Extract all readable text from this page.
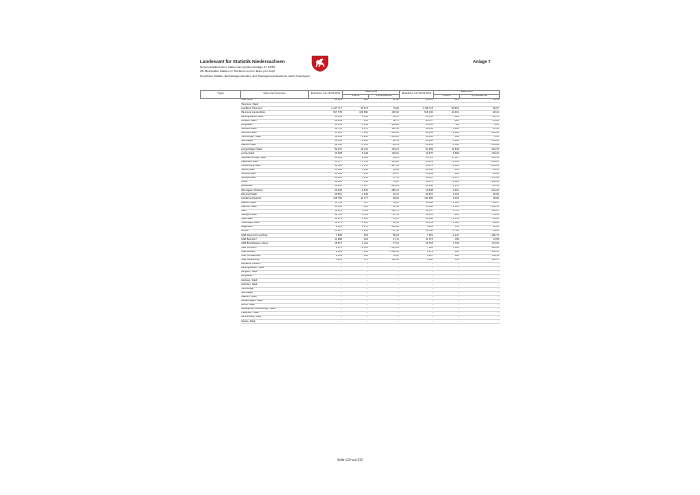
Landesamt für Statistik Niedersachsen
Kommunalfinanzen: Daten der großen Anlage 17 1838
28. Beinhaltet Salden in Tsd Euro und in Euro pro Kopf
Kreisfreie Städte, Einheitsgemeinden und Samtgemeindeebene nach Kreistypen
Anlage 7
Typus	Name der Kommune	Einwohner zum 30.06.2013	Saldo 2013		Einwohner zum 30.06.2014	Saldo 2014	
			1.000 €	€ je Einwohner		1.000 €	€ je Einwohner
	SGB Selze	10 329	222	21,48	10 314	325	30,54
	Hannover, Stadt						
	Landkreis Hannover	1 107 717	30 473	70,84	1 118 713	59 915	69,67
	Hannover,Landeshptst.	507 735	182 592	245,94	515 230	24 919	48,44
	Barsinghausen,Stadt	33 469	1 622	48,47	33 155	- 622	- 12,75
	Burgdorf,Stadt	29 889	912	32,71	29 507	- 923	- 31,28
	Burgwedel	20 452	- 5 199	- 211,28	20 363	- 98	- 5,29
	Garbsen,Stadt	60 713	6 373	110,53	59 932	1 285	21,32
	Gehrden,Stadt	14 614	- 5 306	- 363,05	14 463	- 4 982	- 344,95
	Hemmingen, Stadt	18 684	- 4 618	- 250,22	18 443	148	8,01
	Isernhagen	23 090	- 2 228	- 91,18	22 960	- 5 812	- 253,82
	Laatzen,Stadt	40 168	- 4 035	- 99,59	39 424	- 5 383	- 136,02
	Langenhagen,Stadt	52 070	10 141	194,13	51 659	12 635	244,75
	Lehrte,Stadt	43 388	- 5 128	- 118,01	42 870	- 5 590	- 130,44
	Neustadt a.Rbge.,Stadt	44 062	2 516	44,65	43 723	17 327	404,53
	Pattensen,Stadt	13 977	- 1 791	- 125,28	13 919	- 3 646	- 265,25
	Ronnenberg,Stadt	23 398	- 3 451	- 147,81	23 472	- 6 924	- 295,29
	Seelze,Stadt	33 048	1 460	44,18	32 938	- 412	- 12,50
	Sehnde,Stadt	23 192	- 233	- 10,17	23 089	480	20,84
	Springe,Stadt	28 905	1 091	37,41	28 597	- 4 917	- 171,89
	Uetze	20 020	- 158	- 79,28	19 874	- 3 629	- 182,44
	Wedemark	29 236	- 5 917	- 204,55	28 846	- 1 135	- 40,53
	Wennigsen (Deister)	14 039	- 3 540	- 280,14	13 838	- 2 991	- 213,23
	Wunstorf,Stadt	40 951	1 246	30,47	40 567	2 154	53,09
	Landkreis Diepholz	215 750	14 177	65,64	211 695	8 222	38,85
	Bassum,Stadt	15 761	537	33,61	15 490	- 1 885	- 96,17
	Diepholz,Stadt	16 004	- 503	- 31,38	15 880	- 2 614	- 163,53
	Stuhr	32 821	9 411	286,74	32 567	4 753	145,97
	Sulingen,Stadt	12 726	- 1 114	- 87,56	12 605	- 821	- 64,54
	Syke,Stadt	24 275	- 1 323	- 54,51	23 948	- 2 159	- 90,04
	Twistringen,Stadt	12 275	- 1 025	- 83,53	12 161	- 1 024	- 84,22
	Wagenfeld	6 956	1 474	212,08	6 893	156	22,40
	Weyhe	30 327	- 1 452	- 47,86	30 398	- 1 782	- 59,23
	SGB Altes Amt Lemförde	7 858	463	59,23	7 981	- 2 247	- 282,74
	SGB Barnstorf	11 688	204	17,11	11 673	158	13,58
	SGB Bruchhausen-Vilsen	15 871	- 1 211	- 77,13	15 764	2 745	174,02
	SGB Kirchdorf	8 175	- 2 513	- 310,05	7 816	1 121	143,58
	SGB Rehden	9 883	7 154	1 385,00	9 879	- 586	- 102,13
	SGB Schwaförden	6 663	465	35,10	6 687	680	102,11
	SGB Siedenburg	4 601	571	122,98	4 560	566	123,97
	Landkreis Hameln	-	-	-	-	-	-
	Barsinghausen, Stadt	-	-	-	-	-	-
	Burgdorf, Stadt	-	-	-	-	-	-
	Burgwedel	-	-	-	-	-	-
	Garbsen, Stadt	-	-	-	-	-	-
	Gehrden, Stadt	-	-	-	-	-	-
	Hemmingen	-	-	-	-	-	-
	Isernhagen	-	-	-	-	-	-
	Laatzen, Stadt	-	-	-	-	-	-
	Langenhagen, Stadt	-	-	-	-	-	-
	Lehrte, Stadt	-	-	-	-	-	-
	Neustadt am Rübenberge, Stadt	-	-	-	-	-	-
	Pattensen, Stadt	-	-	-	-	-	-
	Ronnenberg, Stadt	-	-	-	-	-	-
	Seelze, Stadt	-	-	-	-	-	-
Seite 120 von 232
